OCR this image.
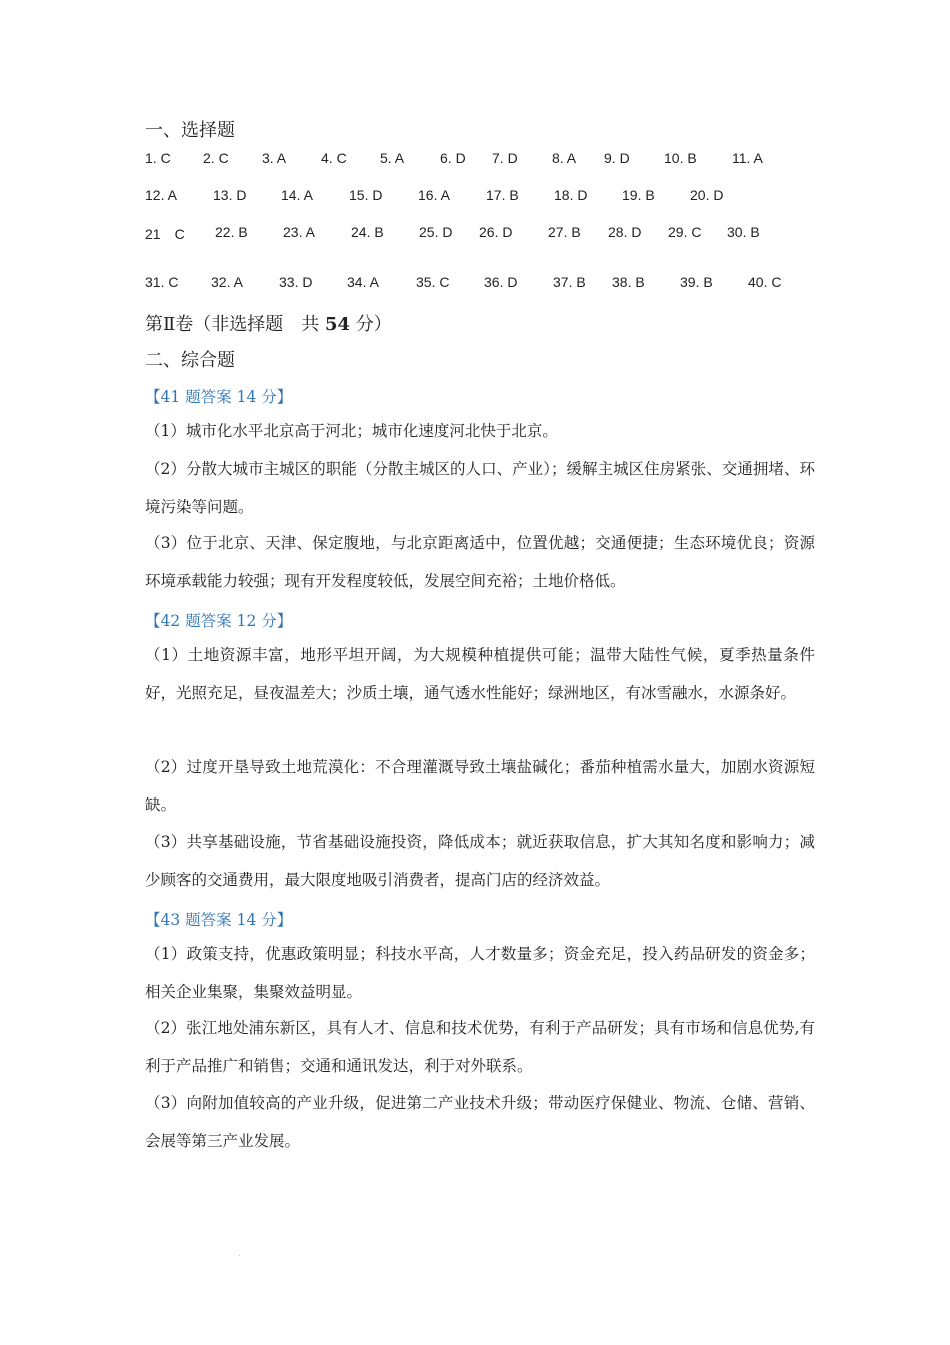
一、选择题
1. C 2. C 3. A 4. C 5. A	6. D 7. D 8. A 9. D 10. B	11. A
12. A	13. D 14. A	15. D	16. A	17. B	18. D 19. B	20. D
21　C 22. B	23. A	24. B	25. D 26. D	27. B 28. D 29. C 30. B
31. C 32. A	33. D 34. A	35. C 36. D	37. B 38. B	39. B	40. C
第Ⅱ卷（非选择题　共 54 分）
二、综合题
【41 题答案 14 分】
（1）城市化水平北京高于河北；城市化速度河北快于北京。
（2）分散大城市主城区的职能（分散主城区的人口、产业）；缓解主城区住房紧张、交通拥堵、环境污染等问题。
（3）位于北京、天津、保定腹地，与北京距离适中，位置优越；交通便捷；生态环境优良；资源环境承载能力较强；现有开发程度较低，发展空间充裕；土地价格低。
【42 题答案 12 分】
（1）土地资源丰富，地形平坦开阔，为大规模种植提供可能；温带大陆性气候，夏季热量条件好，光照充足，昼夜温差大；沙质土壤，通气透水性能好；绿洲地区，有冰雪融水，水源条好。
（2）过度开垦导致土地荒漠化：不合理灌溉导致土壤盐碱化；番茄种植需水量大，加剧水资源短缺。
（3）共享基础设施，节省基础设施投资，降低成本；就近获取信息，扩大其知名度和影响力；减少顾客的交通费用，最大限度地吸引消费者，提高门店的经济效益。
【43 题答案 14 分】
（1）政策支持，优惠政策明显；科技水平高，人才数量多；资金充足，投入药品研发的资金多；相关企业集聚，集聚效益明显。
（2）张江地处浦东新区，具有人才、信息和技术优势，有利于产品研发；具有市场和信息优势,有利于产品推广和销售；交通和通讯发达，利于对外联系。
（3）向附加值较高的产业升级，促进第二产业技术升级；带动医疗保健业、物流、仓储、营销、会展等第三产业发展。
